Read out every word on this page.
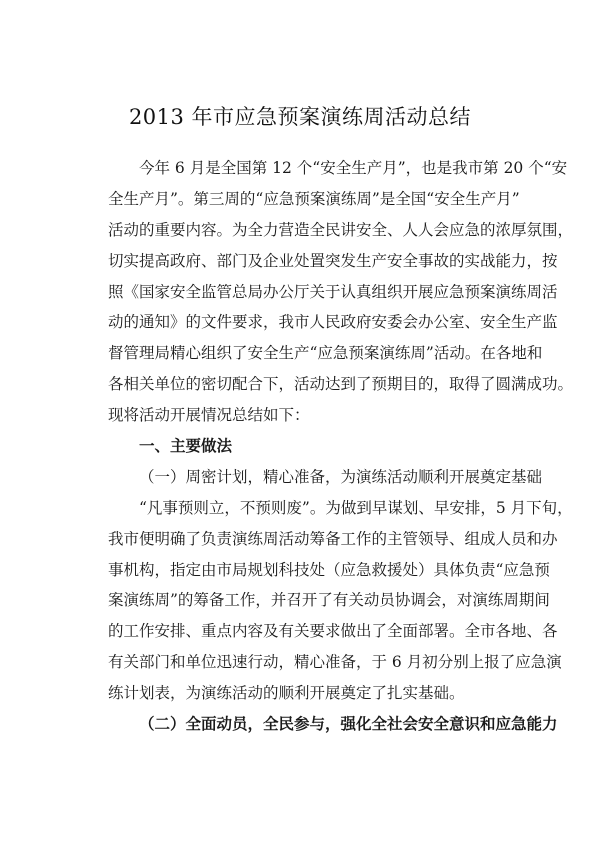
2013 年市应急预案演练周活动总结
今年 6 月是全国第 12 个“安全生产月”，也是我市第 20 个“安
全生产月”。第三周的“应急预案演练周”是全国“安全生产月”
活动的重要内容。为全力营造全民讲安全、人人会应急的浓厚氛围，
切实提高政府、部门及企业处置突发生产安全事故的实战能力，按
照《国家安全监管总局办公厅关于认真组织开展应急预案演练周活
动的通知》的文件要求，我市人民政府安委会办公室、安全生产监
督管理局精心组织了安全生产“应急预案演练周”活动。在各地和
各相关单位的密切配合下，活动达到了预期目的，取得了圆满成功。
现将活动开展情况总结如下：
一、主要做法
（一）周密计划，精心准备，为演练活动顺利开展奠定基础
“凡事预则立，不预则废”。为做到早谋划、早安排，5 月下旬，
我市便明确了负责演练周活动筹备工作的主管领导、组成人员和办
事机构，指定由市局规划科技处（应急救援处）具体负责“应急预
案演练周”的筹备工作，并召开了有关动员协调会，对演练周期间
的工作安排、重点内容及有关要求做出了全面部署。全市各地、各
有关部门和单位迅速行动，精心准备，于 6 月初分别上报了应急演
练计划表，为演练活动的顺利开展奠定了扎实基础。
（二）全面动员，全民参与，强化全社会安全意识和应急能力
